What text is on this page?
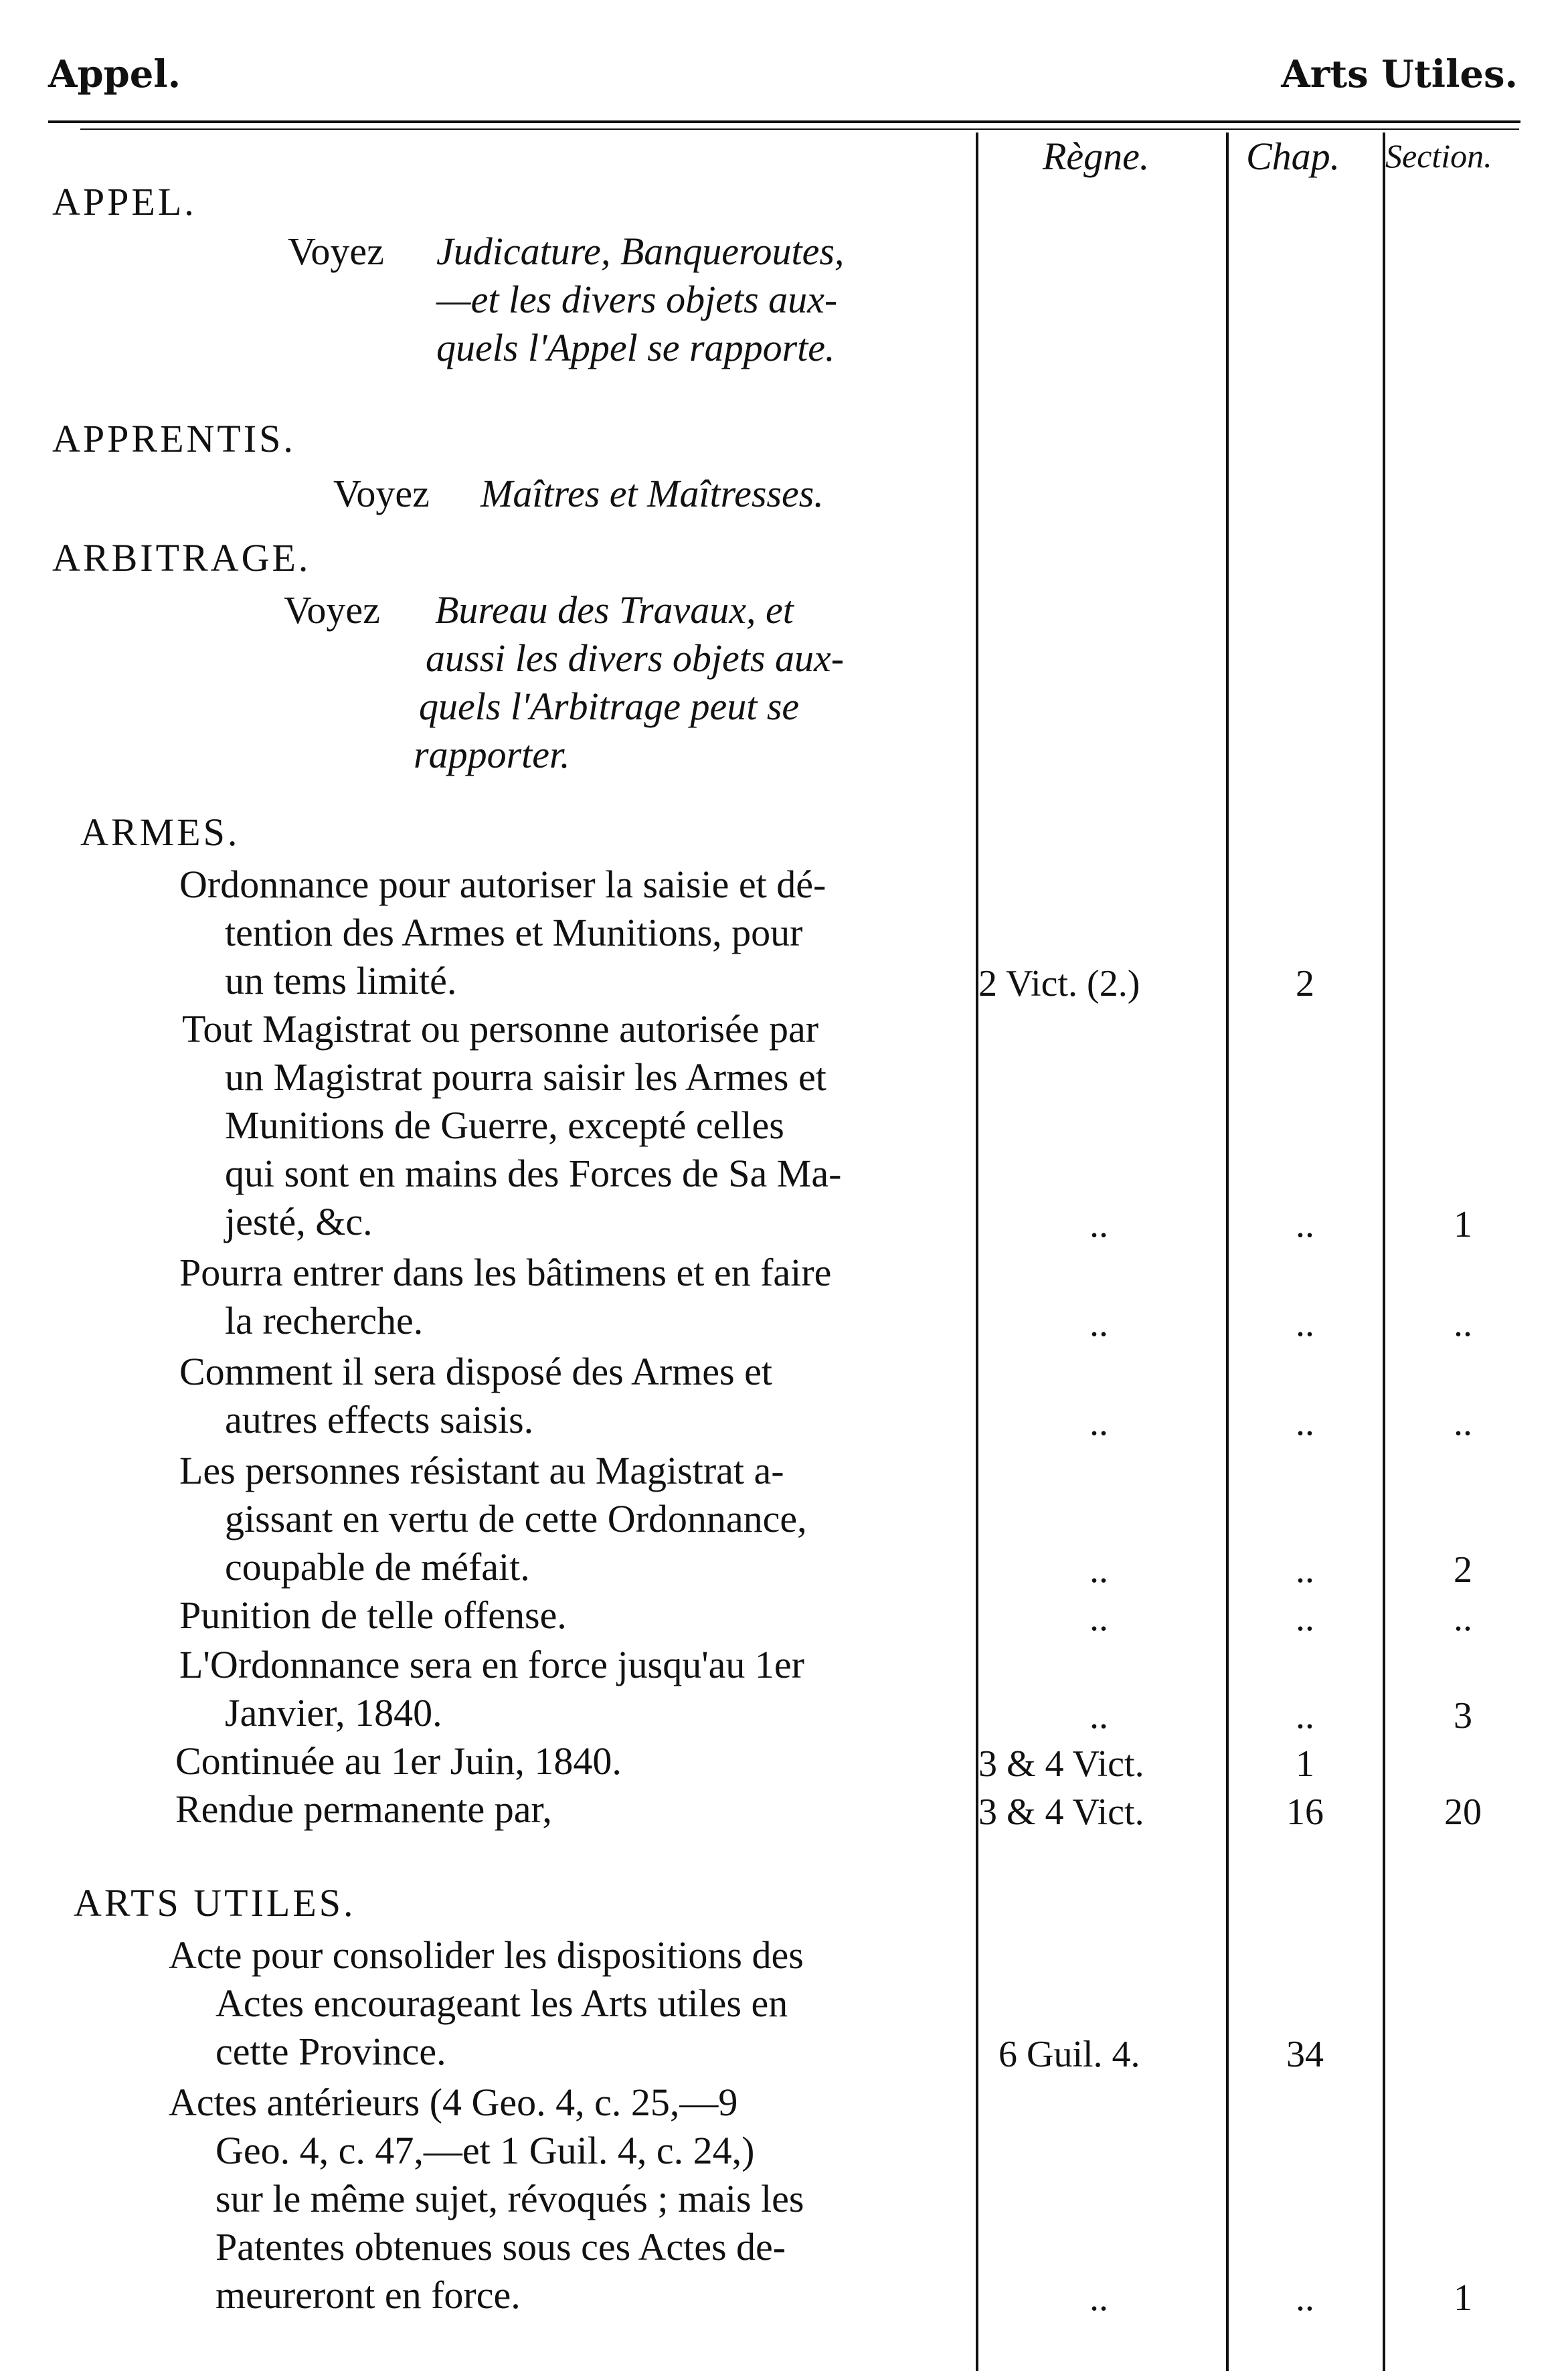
Appel.	Arts Utiles.
Règne. Chap. Section.
APPEL.
Voyez Judicature, Banqueroutes,
—et les divers objets aux-
quels l'Appel se rapporte.
APPRENTIS.
Voyez Maîtres et Maîtresses.
ARBITRAGE.
Voyez Bureau des Travaux, et
aussi les divers objets aux-
quels l'Arbitrage peut se
rapporter.
ARMES.
Ordonnance pour autoriser la saisie et dé-
tention des Armes et Munitions, pour
un tems limité.	2 Vict. (2.)	2
Tout Magistrat ou personne autorisée par
un Magistrat pourra saisir les Armes et
Munitions de Guerre, excepté celles
qui sont en mains des Forces de Sa Ma-
jesté, &c.	..	..	1
Pourra entrer dans les bâtimens et en faire
la recherche.	..	..	..
Comment il sera disposé des Armes et
autres effects saisis.	..	..	..
Les personnes résistant au Magistrat a-
gissant en vertu de cette Ordonnance,
coupable de méfait.	..	..	2
Punition de telle offense.	..	..	..
L'Ordonnance sera en force jusqu'au 1er
Janvier, 1840.	..	..	3
Continuée au 1er Juin, 1840.	3 & 4 Vict.	1
Rendue permanente par,	3 & 4 Vict.	16	20
ARTS UTILES.
Acte pour consolider les dispositions des
Actes encourageant les Arts utiles en
cette Province.	6 Guil. 4.	34
Actes antérieurs (4 Geo. 4, c. 25,—9
Geo. 4, c. 47,—et 1 Guil. 4, c. 24,)
sur le même sujet, révoqués ; mais les
Patentes obtenues sous ces Actes de-
meureront en force.	..	..	1
